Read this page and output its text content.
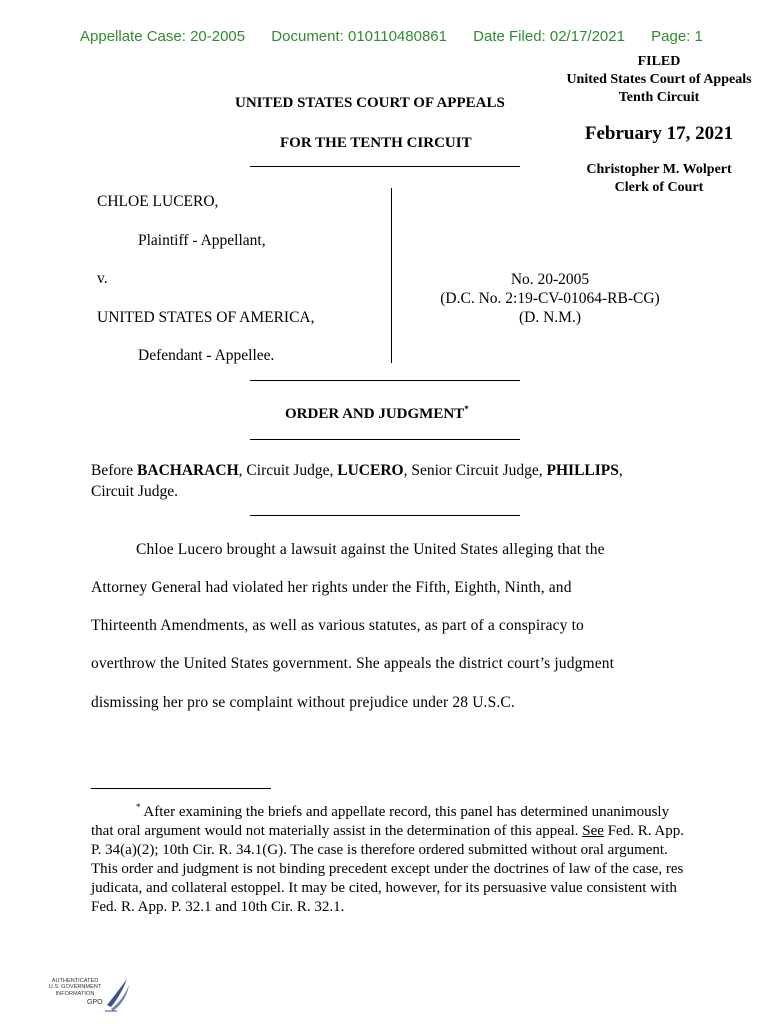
Appellate Case: 20-2005 Document: 010110480861 Date Filed: 02/17/2021 Page: 1
FILED
United States Court of Appeals
Tenth Circuit
February 17, 2021
Christopher M. Wolpert
Clerk of Court
UNITED STATES COURT OF APPEALS
FOR THE TENTH CIRCUIT
CHLOE LUCERO,
Plaintiff - Appellant,
v.
UNITED STATES OF AMERICA,
Defendant - Appellee.
No. 20-2005
(D.C. No. 2:19-CV-01064-RB-CG)
(D. N.M.)
ORDER AND JUDGMENT*
Before BACHARACH, Circuit Judge, LUCERO, Senior Circuit Judge, PHILLIPS,
Circuit Judge.
Chloe Lucero brought a lawsuit against the United States alleging that the
Attorney General had violated her rights under the Fifth, Eighth, Ninth, and
Thirteenth Amendments, as well as various statutes, as part of a conspiracy to
overthrow the United States government. She appeals the district court’s judgment
dismissing her pro se complaint without prejudice under 28 U.S.C.

* After examining the briefs and appellate record, this panel has determined unanimously that oral argument would not materially assist in the determination of this appeal. See Fed. R. App. P. 34(a)(2); 10th Cir. R. 34.1(G). The case is therefore ordered submitted without oral argument. This order and judgment is not binding precedent except under the doctrines of law of the case, res judicata, and collateral estoppel. It may be cited, however, for its persuasive value consistent with Fed. R. App. P. 32.1 and 10th Cir. R. 32.1.

AUTHENTICATED
U.S. GOVERNMENT
INFORMATION
GPO
